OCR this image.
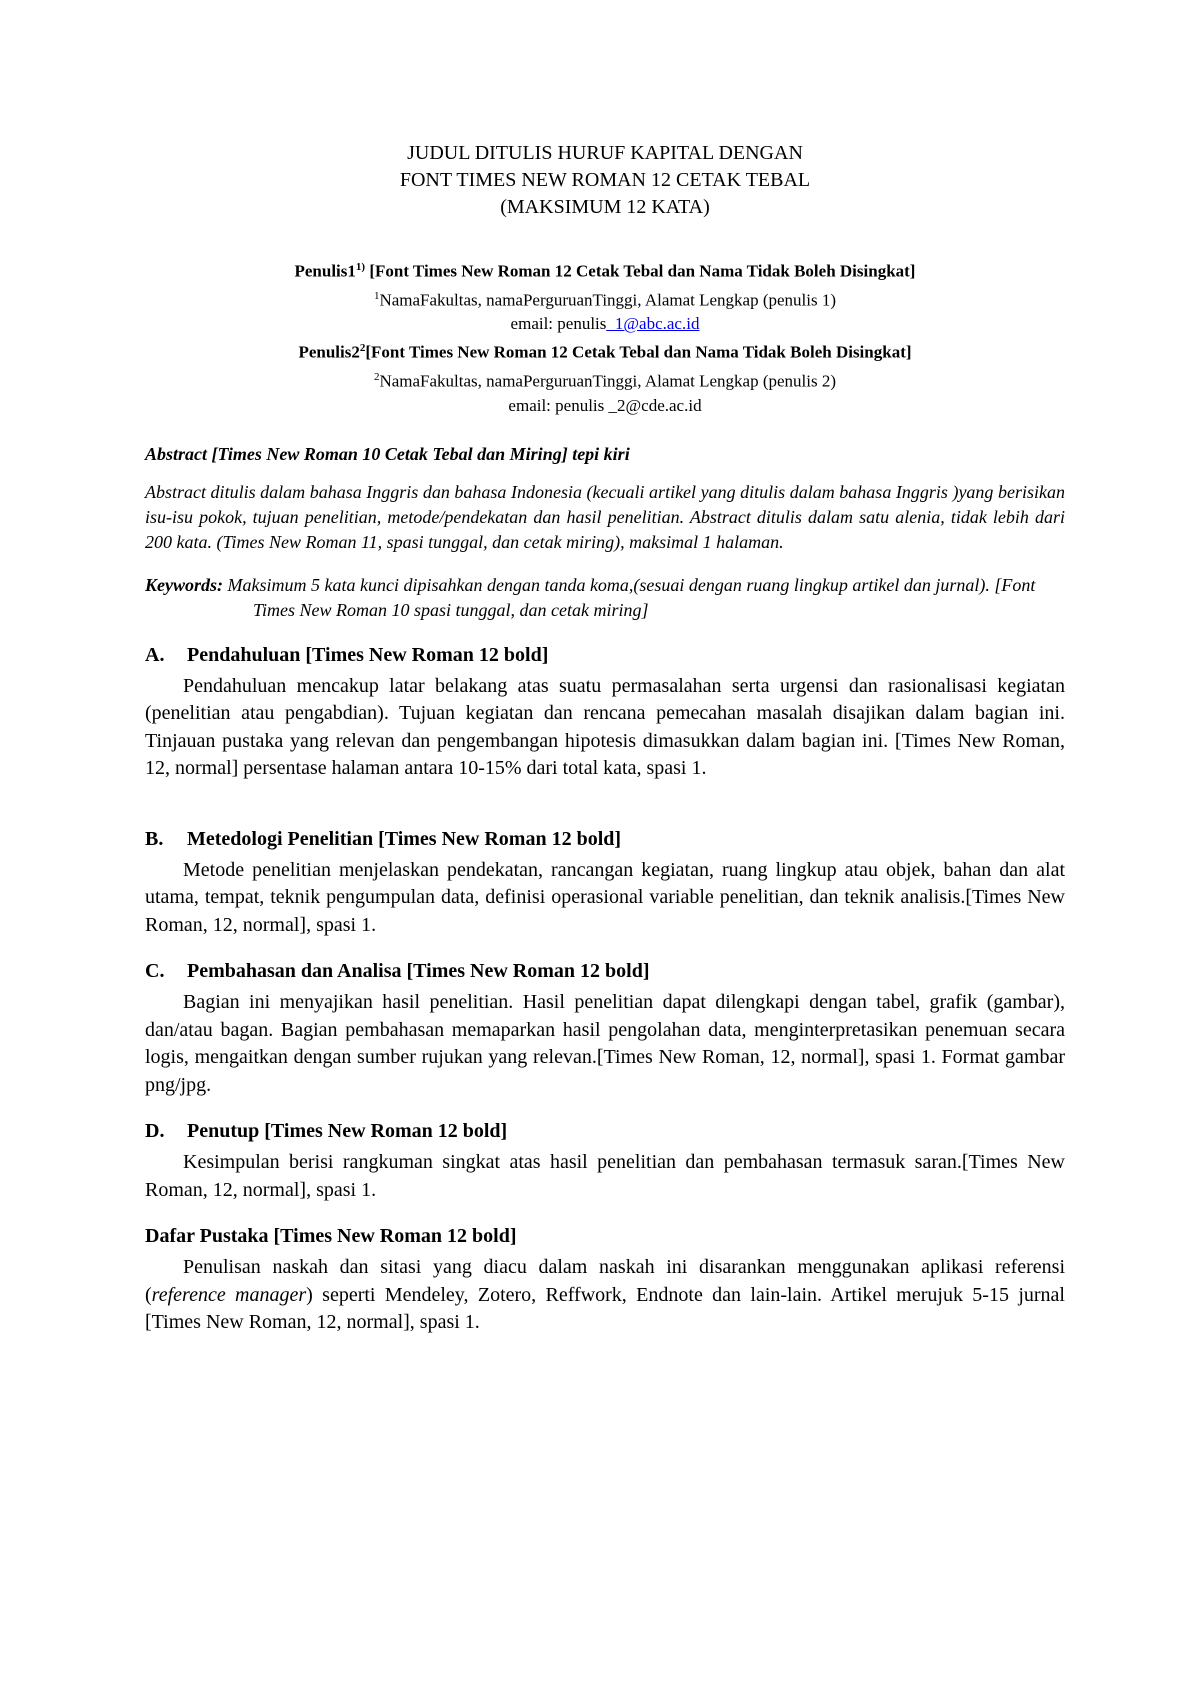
JUDUL DITULIS HURUF KAPITAL DENGAN
FONT TIMES NEW ROMAN 12 CETAK TEBAL
(MAKSIMUM 12 KATA)
Penulis1$^{1)}$ [Font Times New Roman 12 Cetak Tebal dan Nama Tidak Boleh Disingkat]
$^1$NamaFakultas, namaPerguruanTinggi, Alamat Lengkap (penulis 1)
email: penulis_1@abc.ac.id
$Penulis2^2[Font$ Times New Roman 12 Cetak Tebal dan Nama Tidak Boleh Disingkat]
$^2$NamaFakultas, namaPerguruanTinggi, Alamat Lengkap (penulis 2)
email: penulis _2@cde.ac.id
Abstract [Times New Roman 10 Cetak Tebal dan Miring] tepi kiri
Abstract ditulis dalam bahasa Inggris dan bahasa Indonesia (kecuali artikel yang ditulis dalam bahasa Inggris )yang berisikan isu-isu pokok, tujuan penelitian, metode/pendekatan dan hasil penelitian. Abstract ditulis dalam satu alenia, tidak lebih dari 200 kata. (Times New Roman 11, spasi tunggal, dan cetak miring), maksimal 1 halaman.
Keywords: Maksimum 5 kata kunci dipisahkan dengan tanda koma,(sesuai dengan ruang lingkup artikel dan jurnal). [Font Times New Roman 10 spasi tunggal, dan cetak miring]
A.	Pendahuluan [Times New Roman 12 bold]
Pendahuluan mencakup latar belakang atas suatu permasalahan serta urgensi dan rasionalisasi kegiatan (penelitian atau pengabdian). Tujuan kegiatan dan rencana pemecahan masalah disajikan dalam bagian ini. Tinjauan pustaka yang relevan dan pengembangan hipotesis dimasukkan dalam bagian ini. [Times New Roman, 12, normal] persentase halaman antara 10-15% dari total kata, spasi 1.
B.	Metedologi Penelitian [Times New Roman 12 bold]
Metode penelitian menjelaskan pendekatan, rancangan kegiatan, ruang lingkup atau objek, bahan dan alat utama, tempat, teknik pengumpulan data, definisi operasional variable penelitian, dan teknik analisis.[Times New Roman, 12, normal], spasi 1.
C.	Pembahasan dan Analisa [Times New Roman 12 bold]
Bagian ini menyajikan hasil penelitian. Hasil penelitian dapat dilengkapi dengan tabel, grafik (gambar), dan/atau bagan. Bagian pembahasan memaparkan hasil pengolahan data, menginterpretasikan penemuan secara logis, mengaitkan dengan sumber rujukan yang relevan.[Times New Roman, 12, normal], spasi 1. Format gambar png/jpg.
D.	Penutup [Times New Roman 12 bold]
Kesimpulan berisi rangkuman singkat atas hasil penelitian dan pembahasan termasuk saran.[Times New Roman, 12, normal], spasi 1.
Dafar Pustaka [Times New Roman 12 bold]
Penulisan naskah dan sitasi yang diacu dalam naskah ini disarankan menggunakan aplikasi referensi (reference manager) seperti Mendeley, Zotero, Reffwork, Endnote dan lain-lain. Artikel merujuk 5-15 jurnal [Times New Roman, 12, normal], spasi 1.
